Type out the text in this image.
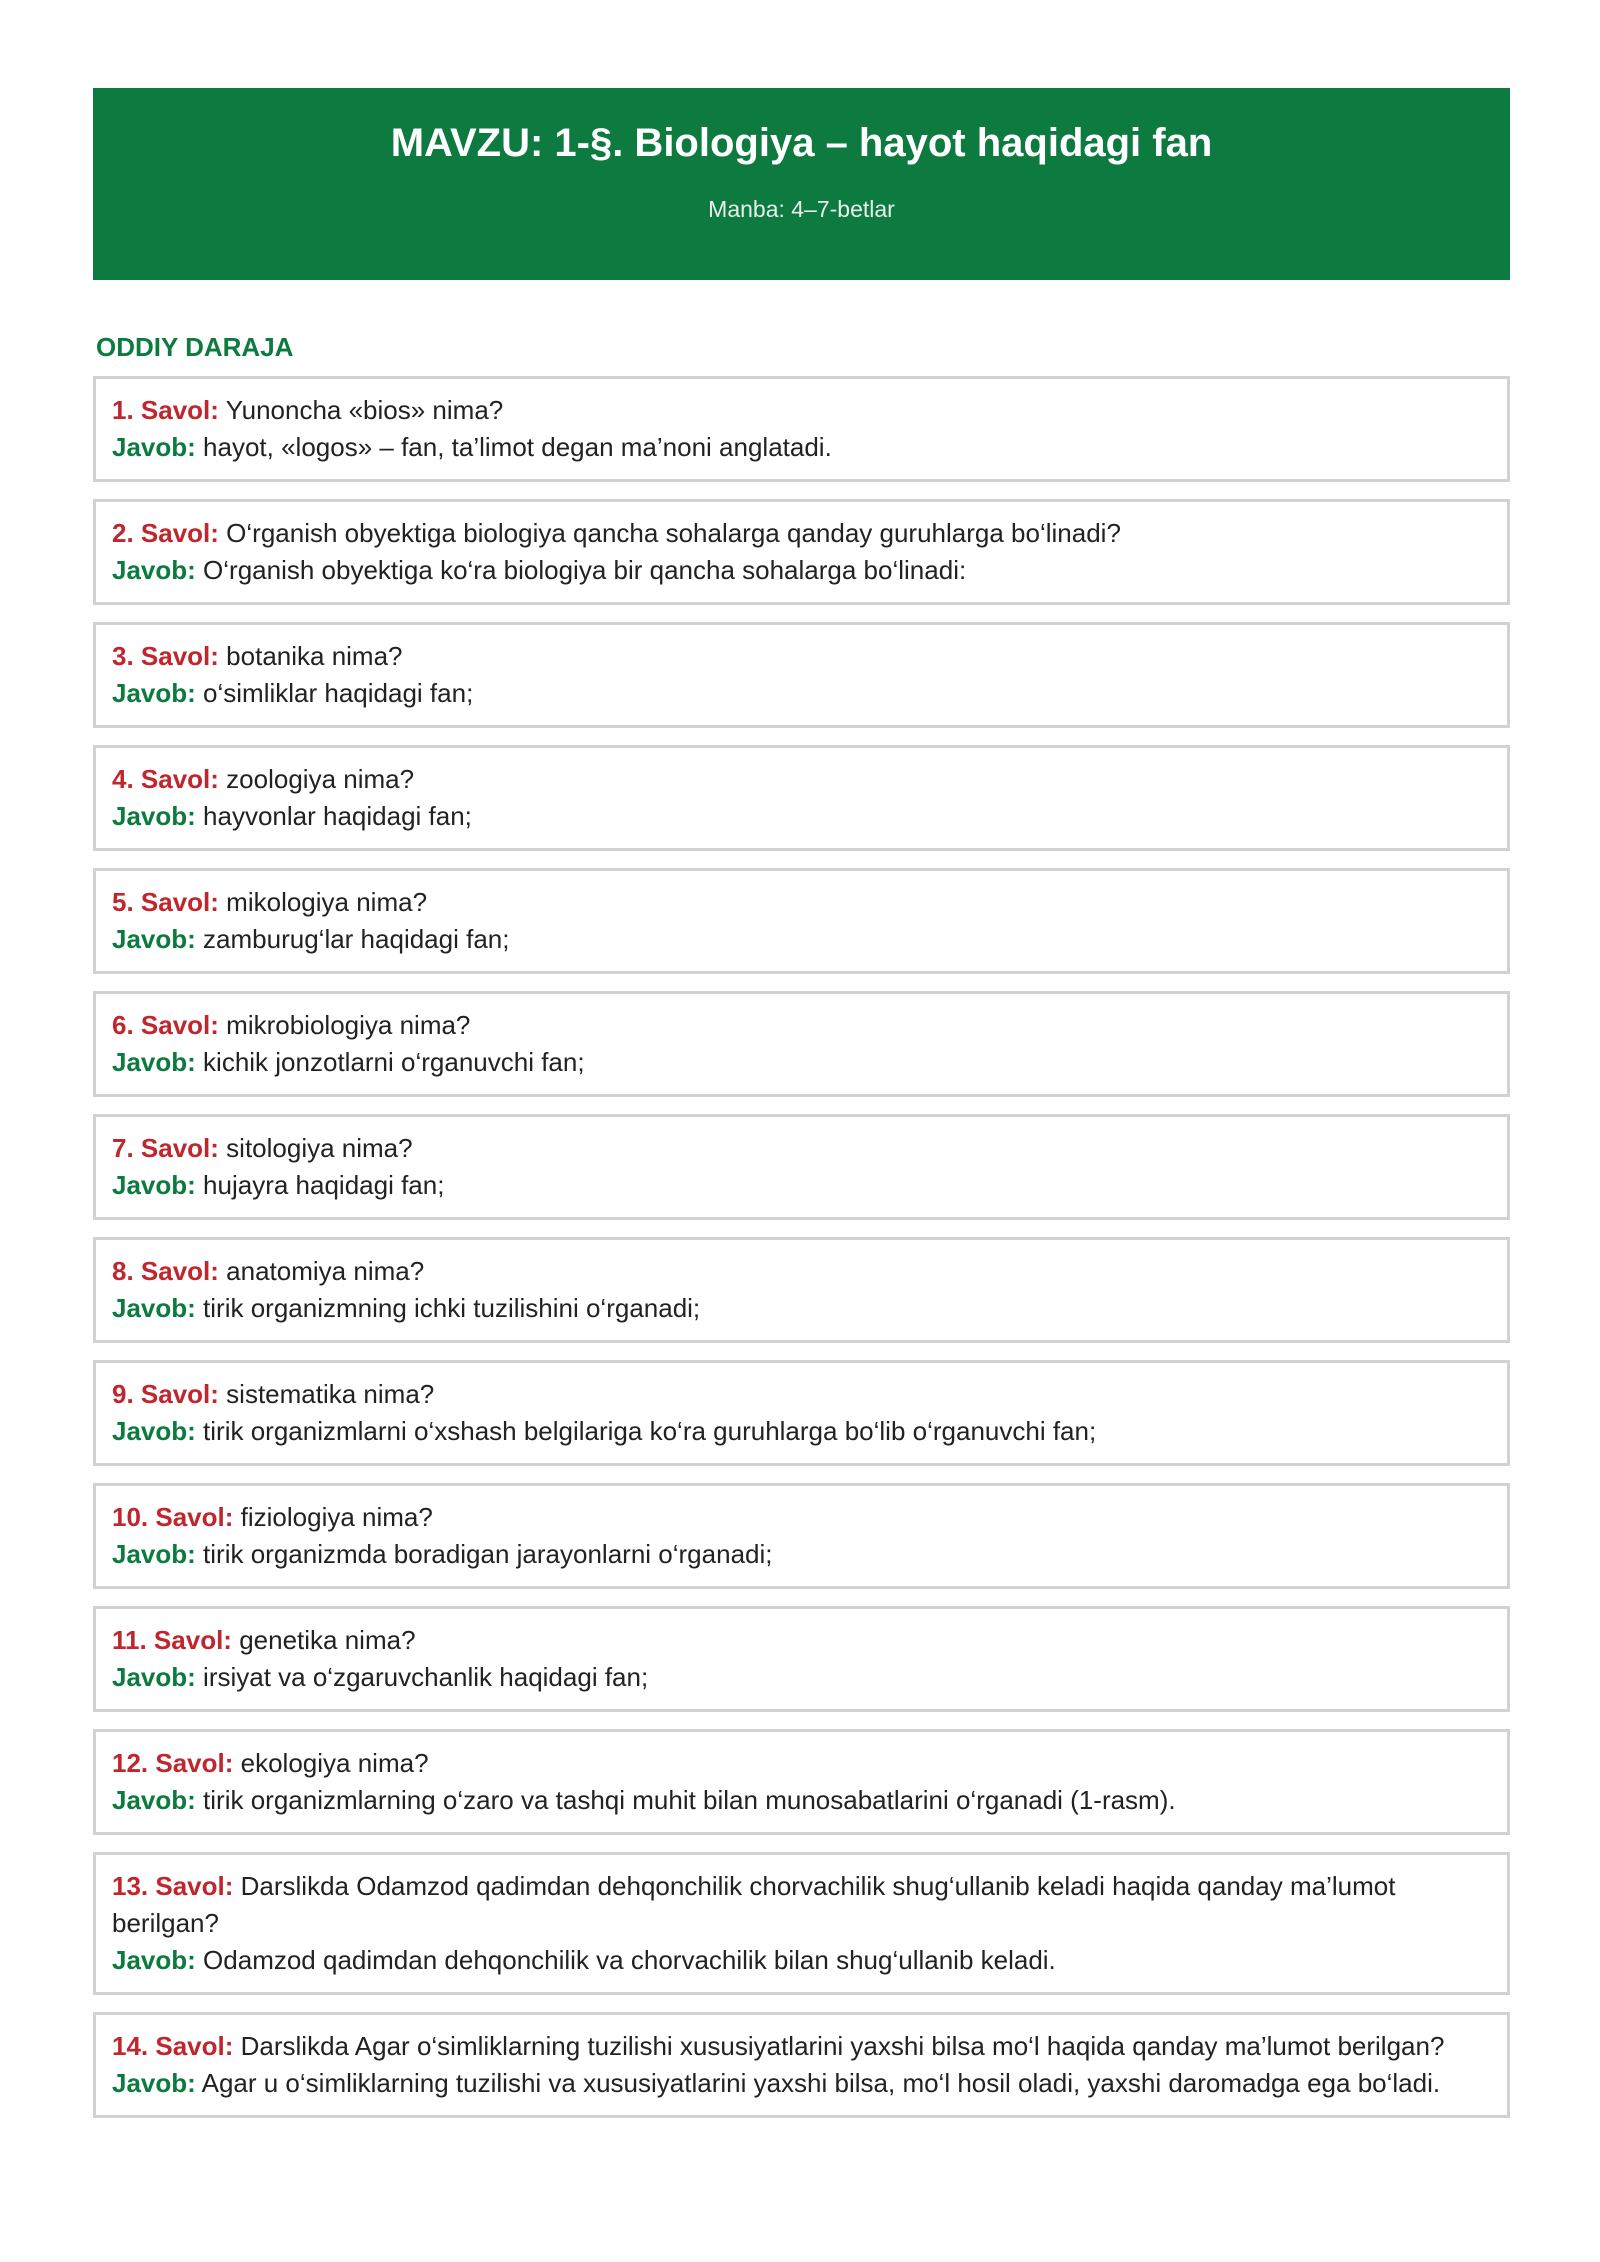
MAVZU: 1-§. Biologiya – hayot haqidagi fan
Manba: 4–7-betlar
ODDIY DARAJA
1. Savol: Yunoncha «bios» nima?
Javob: hayot, «logos» – fan, ta’limot degan ma’noni anglatadi.
2. Savol: O‘rganish obyektiga biologiya qancha sohalarga qanday guruhlarga bo‘linadi?
Javob: O‘rganish obyektiga ko‘ra biologiya bir qancha sohalarga bo‘linadi:
3. Savol: botanika nima?
Javob: o‘simliklar haqidagi fan;
4. Savol: zoologiya nima?
Javob: hayvonlar haqidagi fan;
5. Savol: mikologiya nima?
Javob: zamburug‘lar haqidagi fan;
6. Savol: mikrobiologiya nima?
Javob: kichik jonzotlarni o‘rganuvchi fan;
7. Savol: sitologiya nima?
Javob: hujayra haqidagi fan;
8. Savol: anatomiya nima?
Javob: tirik organizmning ichki tuzilishini o‘rganadi;
9. Savol: sistematika nima?
Javob: tirik organizmlarni o‘xshash belgilariga ko‘ra guruhlarga bo‘lib o‘rganuvchi fan;
10. Savol: fiziologiya nima?
Javob: tirik organizmda boradigan jarayonlarni o‘rganadi;
11. Savol: genetika nima?
Javob: irsiyat va o‘zgaruvchanlik haqidagi fan;
12. Savol: ekologiya nima?
Javob: tirik organizmlarning o‘zaro va tashqi muhit bilan munosabatlarini o‘rganadi (1-rasm).
13. Savol: Darslikda Odamzod qadimdan dehqonchilik chorvachilik shug‘ullanib keladi haqida qanday ma’lumot berilgan?
Javob: Odamzod qadimdan dehqonchilik va chorvachilik bilan shug‘ullanib keladi.
14. Savol: Darslikda Agar o‘simliklarning tuzilishi xususiyatlarini yaxshi bilsa mo‘l haqida qanday ma’lumot berilgan?
Javob: Agar u o‘simliklarning tuzilishi va xususiyatlarini yaxshi bilsa, mo‘l hosil oladi, yaxshi daromadga ega bo‘ladi.
